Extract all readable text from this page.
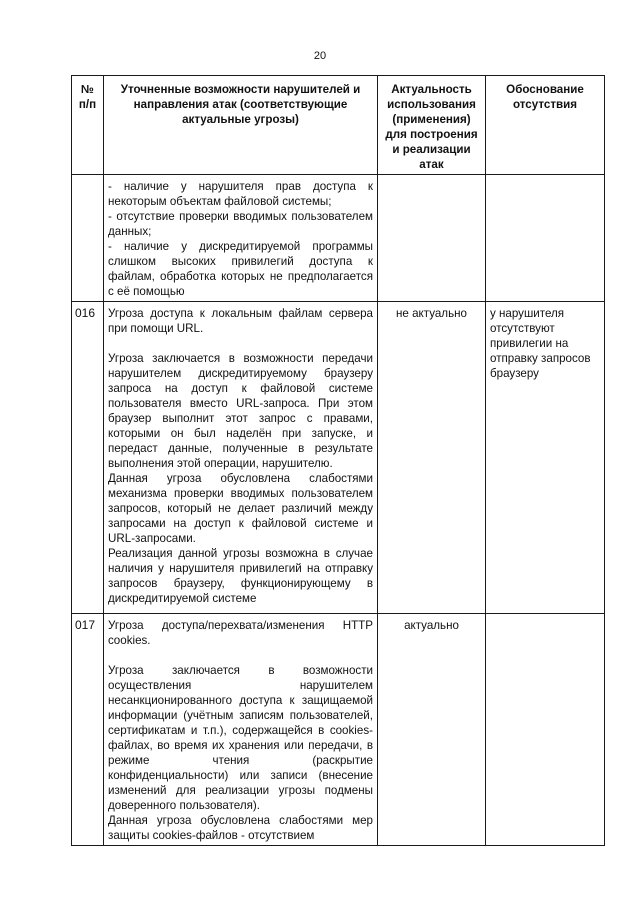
20
№ п/п	Уточненные возможности нарушителей и направления атак (соответствующие актуальные угрозы)	Актуальность использования (применения) для построения и реализации атак	Обоснование отсутствия

	- наличие у нарушителя прав доступа к некоторым объектам файловой системы;

- отсутствие проверки вводимых пользователем данных;

- наличие у дискредитируемой программы слишком высоких привилегий доступа к файлам, обработка которых не предполагается с её помощью		

016	Угроза доступа к локальным файлам сервера при помощи URL.

Угроза заключается в возможности передачи нарушителем дискредитируемому браузеру запроса на доступ к файловой системе пользователя вместо URL-запроса. При этом браузер выполнит этот запрос с правами, которыми он был наделён при запуске, и передаст данные, полученные в результате выполнения этой операции, нарушителю.

Данная угроза обусловлена слабостями механизма проверки вводимых пользователем запросов, который не делает различий между запросами на доступ к файловой системе и URL-запросами.

Реализация данной угрозы возможна в случае наличия у нарушителя привилегий на отправку запросов браузеру, функционирующему в дискредитируемой системе	не актуально	у нарушителя отсутствуют привилегии на отправку запросов браузеру
017	Угроза доступа/перехвата/изменения HTTP cookies.

Угроза заключается в возможности осуществления нарушителем несанкционированного доступа к защищаемой информации (учётным записям пользователей, сертификатам и т.п.), содержащейся в cookies-файлах, во время их хранения или передачи, в режиме чтения (раскрытие конфиденциальности) или записи (внесение изменений для реализации угрозы подмены доверенного пользователя).

Данная угроза обусловлена слабостями мер защиты cookies-файлов - отсутствием	актуально	
